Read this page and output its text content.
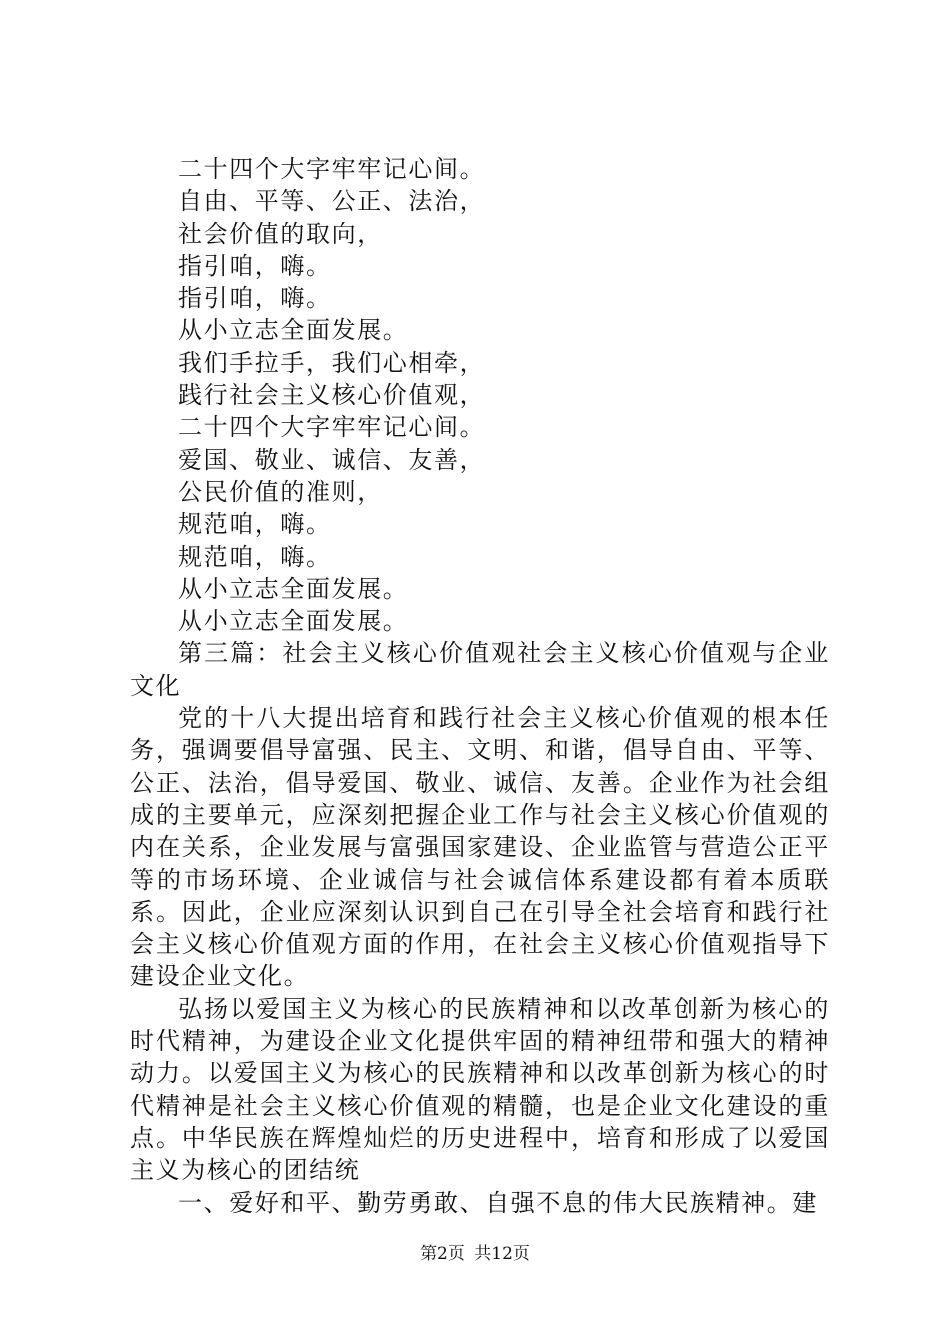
二十四个大字牢牢记心间。

自由、平等、公正、法治，

社会价值的取向，

指引咱，嗨。

指引咱，嗨。

从小立志全面发展。

我们手拉手，我们心相牵，

践行社会主义核心价值观，

二十四个大字牢牢记心间。

爱国、敬业、诚信、友善，

公民价值的准则，

规范咱，嗨。

规范咱，嗨。

从小立志全面发展。

从小立志全面发展。

第三篇：社会主义核心价值观社会主义核心价值观与企业文化

党的十八大提出培育和践行社会主义核心价值观的根本任务，强调要倡导富强、民主、文明、和谐，倡导自由、平等、公正、法治，倡导爱国、敬业、诚信、友善。企业作为社会组成的主要单元，应深刻把握企业工作与社会主义核心价值观的内在关系，企业发展与富强国家建设、企业监管与营造公正平等的市场环境、企业诚信与社会诚信体系建设都有着本质联系。因此，企业应深刻认识到自己在引导全社会培育和践行社会主义核心价值观方面的作用，在社会主义核心价值观指导下建设企业文化。

弘扬以爱国主义为核心的民族精神和以改革创新为核心的时代精神，为建设企业文化提供牢固的精神纽带和强大的精神动力。以爱国主义为核心的民族精神和以改革创新为核心的时代精神是社会主义核心价值观的精髓，也是企业文化建设的重点。中华民族在辉煌灿烂的历史进程中，培育和形成了以爱国主义为核心的团结统

一、爱好和平、勤劳勇敢、自强不息的伟大民族精神。建

第2页 共12页
